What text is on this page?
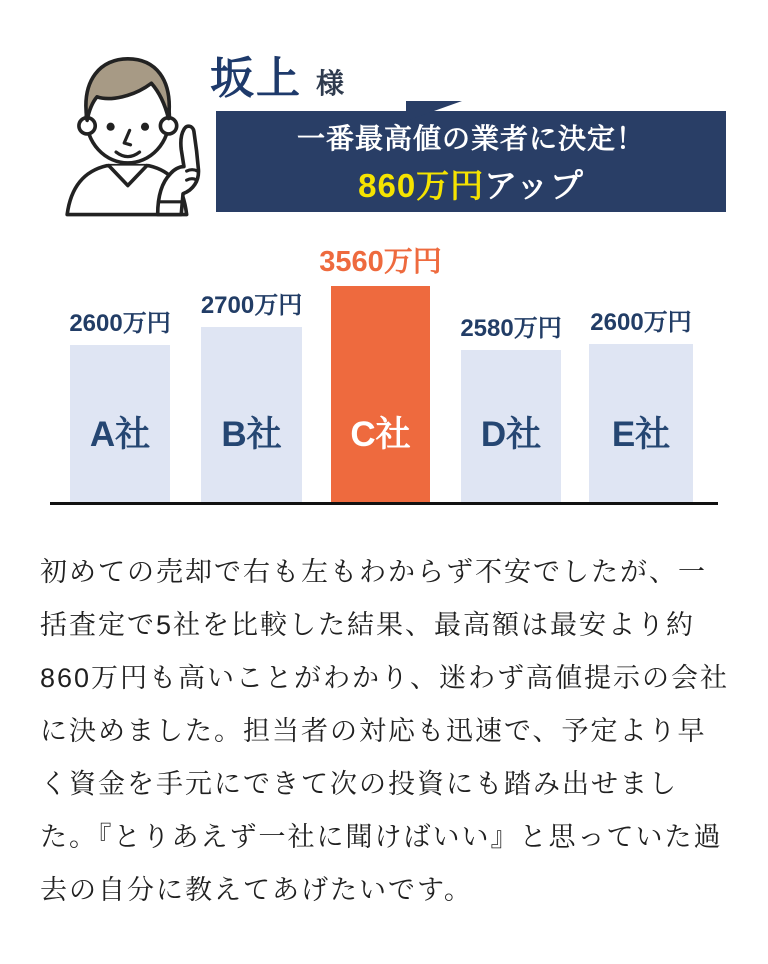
坂上 様
一番最高値の業者に決定！
860万円アップ
2600万円
A社
2700万円
B社
3560万円
C社
2580万円
D社
2600万円
E社

初めての売却で右も左もわからず不安でしたが、一括査定で5社を比較した結果、最高額は最安より約860万円も高いことがわかり、迷わず高値提示の会社に決めました。担当者の対応も迅速で、予定より早く資金を手元にできて次の投資にも踏み出せました。『とりあえず一社に聞けばいい』と思っていた過去の自分に教えてあげたいです。
